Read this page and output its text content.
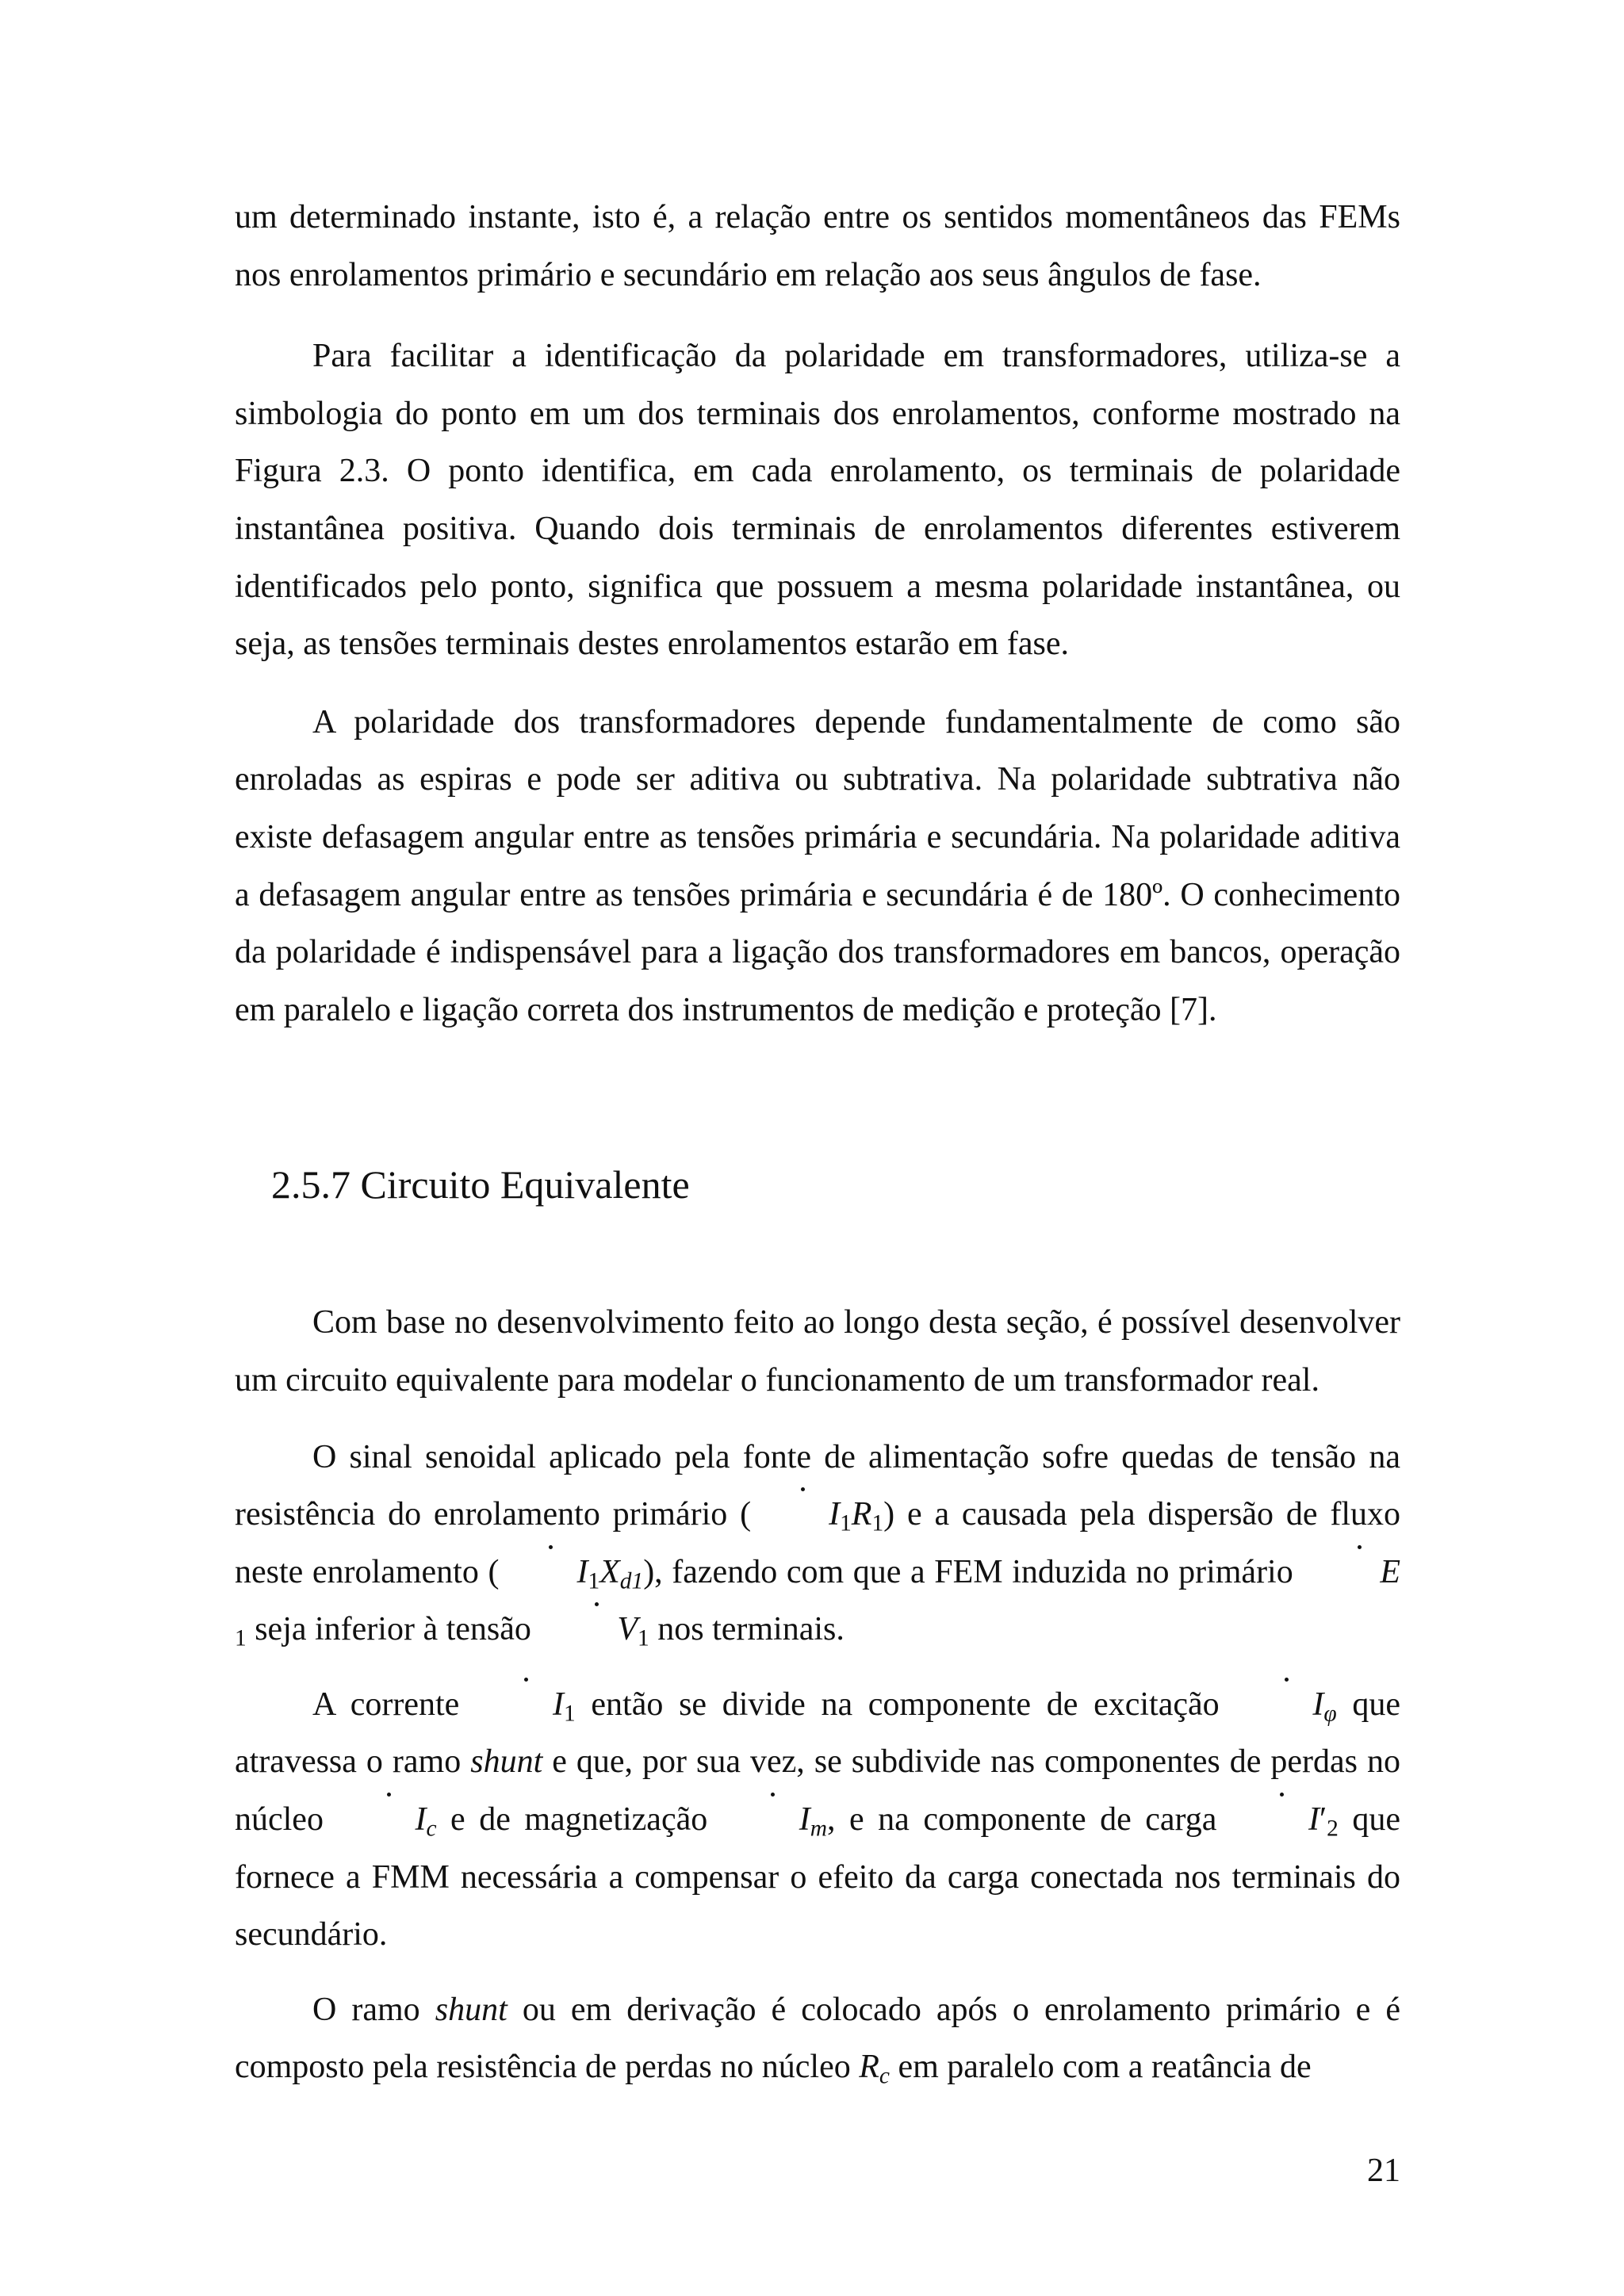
um determinado instante, isto é, a relação entre os sentidos momentâneos das FEMs nos enrolamentos primário e secundário em relação aos seus ângulos de fase.

Para facilitar a identificação da polaridade em transformadores, utiliza-se a simbologia do ponto em um dos terminais dos enrolamentos, conforme mostrado na Figura 2.3. O ponto identifica, em cada enrolamento, os terminais de polaridade instantânea positiva. Quando dois terminais de enrolamentos diferentes estiverem identificados pelo ponto, significa que possuem a mesma polaridade instantânea, ou seja, as tensões terminais destes enrolamentos estarão em fase.

A polaridade dos transformadores depende fundamentalmente de como são enroladas as espiras e pode ser aditiva ou subtrativa. Na polaridade subtrativa não existe defasagem angular entre as tensões primária e secundária. Na polaridade aditiva a defasagem angular entre as tensões primária e secundária é de 180º. O conhecimento da polaridade é indispensável para a ligação dos transformadores em bancos, operação em paralelo e ligação correta dos instrumentos de medição e proteção [7].

2.5.7 Circuito Equivalente

Com base no desenvolvimento feito ao longo desta seção, é possível desenvolver um circuito equivalente para modelar o funcionamento de um transformador real.

O sinal senoidal aplicado pela fonte de alimentação sofre quedas de tensão na resistência do enrolamento primário ( $I_1R_1$) e a causada pela dispersão de fluxo neste enrolamento ( $I_1X_{d1}$), fazendo com que a FEM induzida no primário $E_1$ seja inferior à tensão $V_1$ nos terminais.

A corrente $I_1$ então se divide na componente de excitação $I_\varphi$ que atravessa o ramo shunt e que, por sua vez, se subdivide nas componentes de perdas no núcleo $I_c$ e de magnetização $I_m$, e na componente de carga $I'_2$ que fornece a FMM necessária a compensar o efeito da carga conectada nos terminais do secundário.

O ramo shunt ou em derivação é colocado após o enrolamento primário e é composto pela resistência de perdas no núcleo $R_c$ em paralelo com a reatância de

21
